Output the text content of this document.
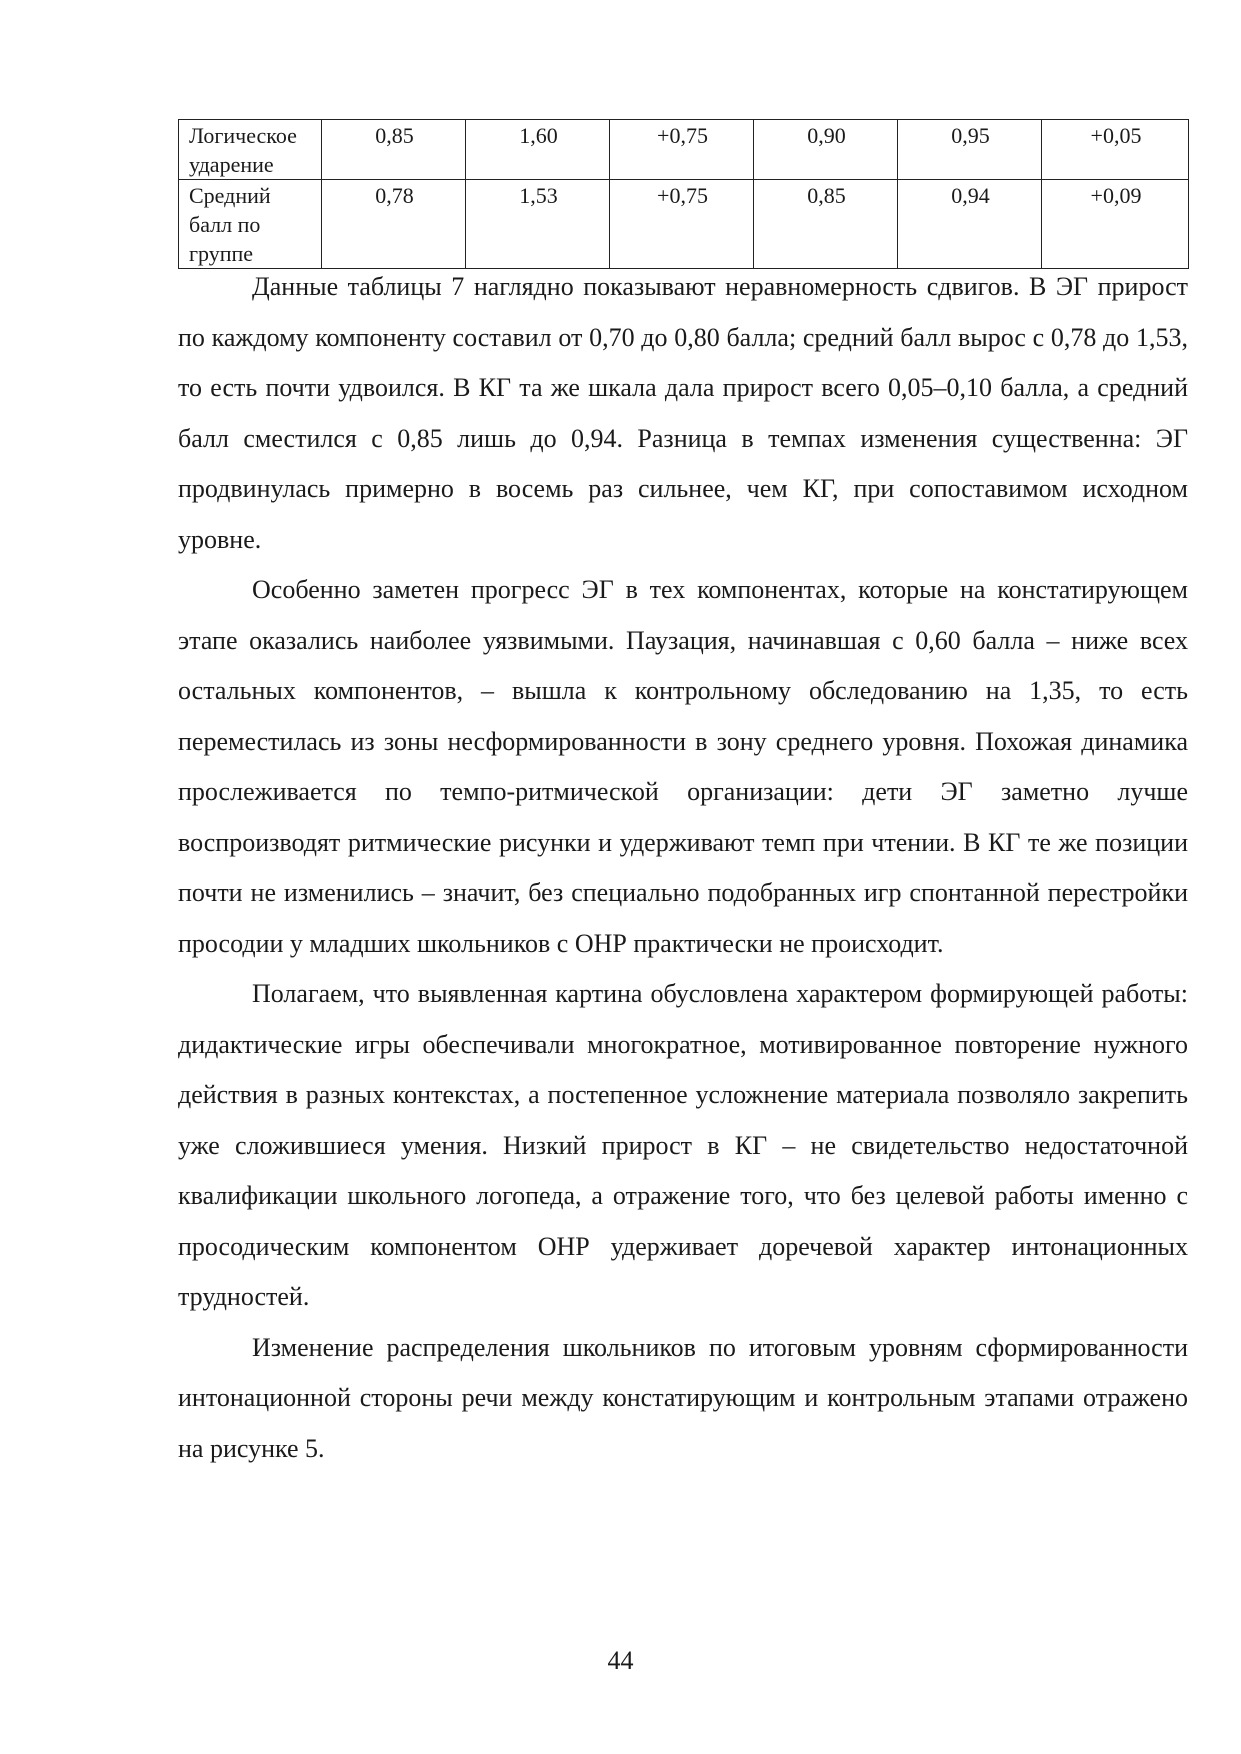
Логическое ударение	0,85	1,60	+0,75	0,90	0,95	+0,05
Средний балл по группе	0,78	1,53	+0,75	0,85	0,94	+0,09

Данные таблицы 7 наглядно показывают неравномерность сдвигов. В ЭГ прирост по каждому компоненту составил от 0,70 до 0,80 балла; средний балл вырос с 0,78 до 1,53, то есть почти удвоился. В КГ та же шкала дала прирост всего 0,05–0,10 балла, а средний балл сместился с 0,85 лишь до 0,94. Разница в темпах изменения существенна: ЭГ продвинулась примерно в восемь раз сильнее, чем КГ, при сопоставимом исходном уровне.

Особенно заметен прогресс ЭГ в тех компонентах, которые на констатирующем этапе оказались наиболее уязвимыми. Паузация, начинавшая с 0,60 балла – ниже всех остальных компонентов, – вышла к контрольному обследованию на 1,35, то есть переместилась из зоны несформированности в зону среднего уровня. Похожая динамика прослеживается по темпо-ритмической организации: дети ЭГ заметно лучше воспроизводят ритмические рисунки и удерживают темп при чтении. В КГ те же позиции почти не изменились – значит, без специально подобранных игр спонтанной перестройки просодии у младших школьников с ОНР практически не происходит.

Полагаем, что выявленная картина обусловлена характером формирующей работы: дидактические игры обеспечивали многократное, мотивированное повторение нужного действия в разных контекстах, а постепенное усложнение материала позволяло закрепить уже сложившиеся умения. Низкий прирост в КГ – не свидетельство недостаточной квалификации школьного логопеда, а отражение того, что без целевой работы именно с просодическим компонентом ОНР удерживает доречевой характер интонационных трудностей.

Изменение распределения школьников по итоговым уровням сформированности интонационной стороны речи между констатирующим и контрольным этапами отражено на рисунке 5.

44
